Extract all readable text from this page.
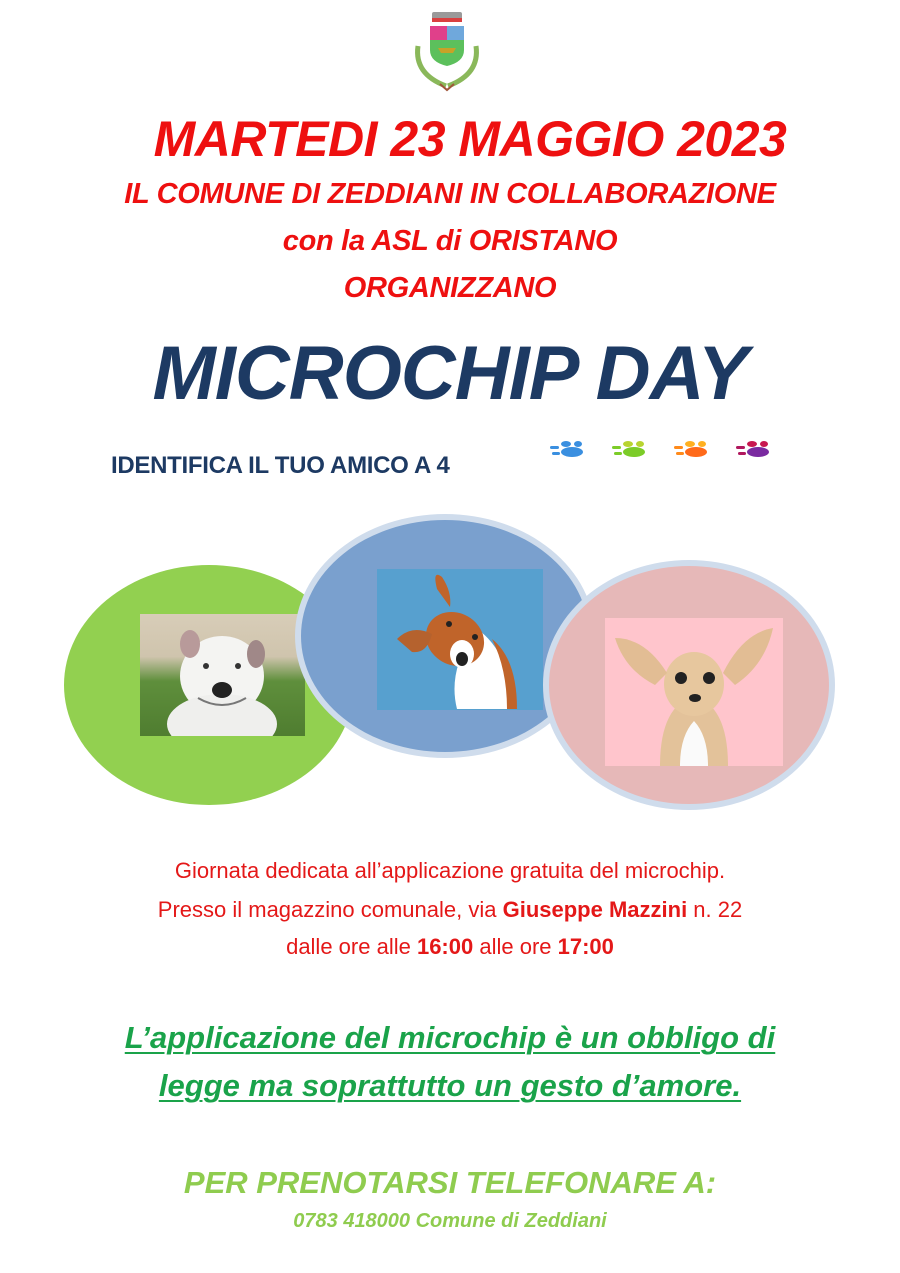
MARTEDI 23 MAGGIO 2023
IL COMUNE DI ZEDDIANI IN COLLABORAZIONE
con la ASL di ORISTANO
ORGANIZZANO
MICROCHIP DAY
IDENTIFICA IL TUO AMICO A 4
Giornata dedicata all’applicazione gratuita del microchip.
Presso il magazzino comunale, via Giuseppe Mazzini n. 22
dalle ore alle 16:00 alle ore 17:00
L’applicazione del microchip è un obbligo di
legge ma soprattutto un gesto d’amore.
PER PRENOTARSI TELEFONARE A:
0783 418000 Comune di Zeddiani
